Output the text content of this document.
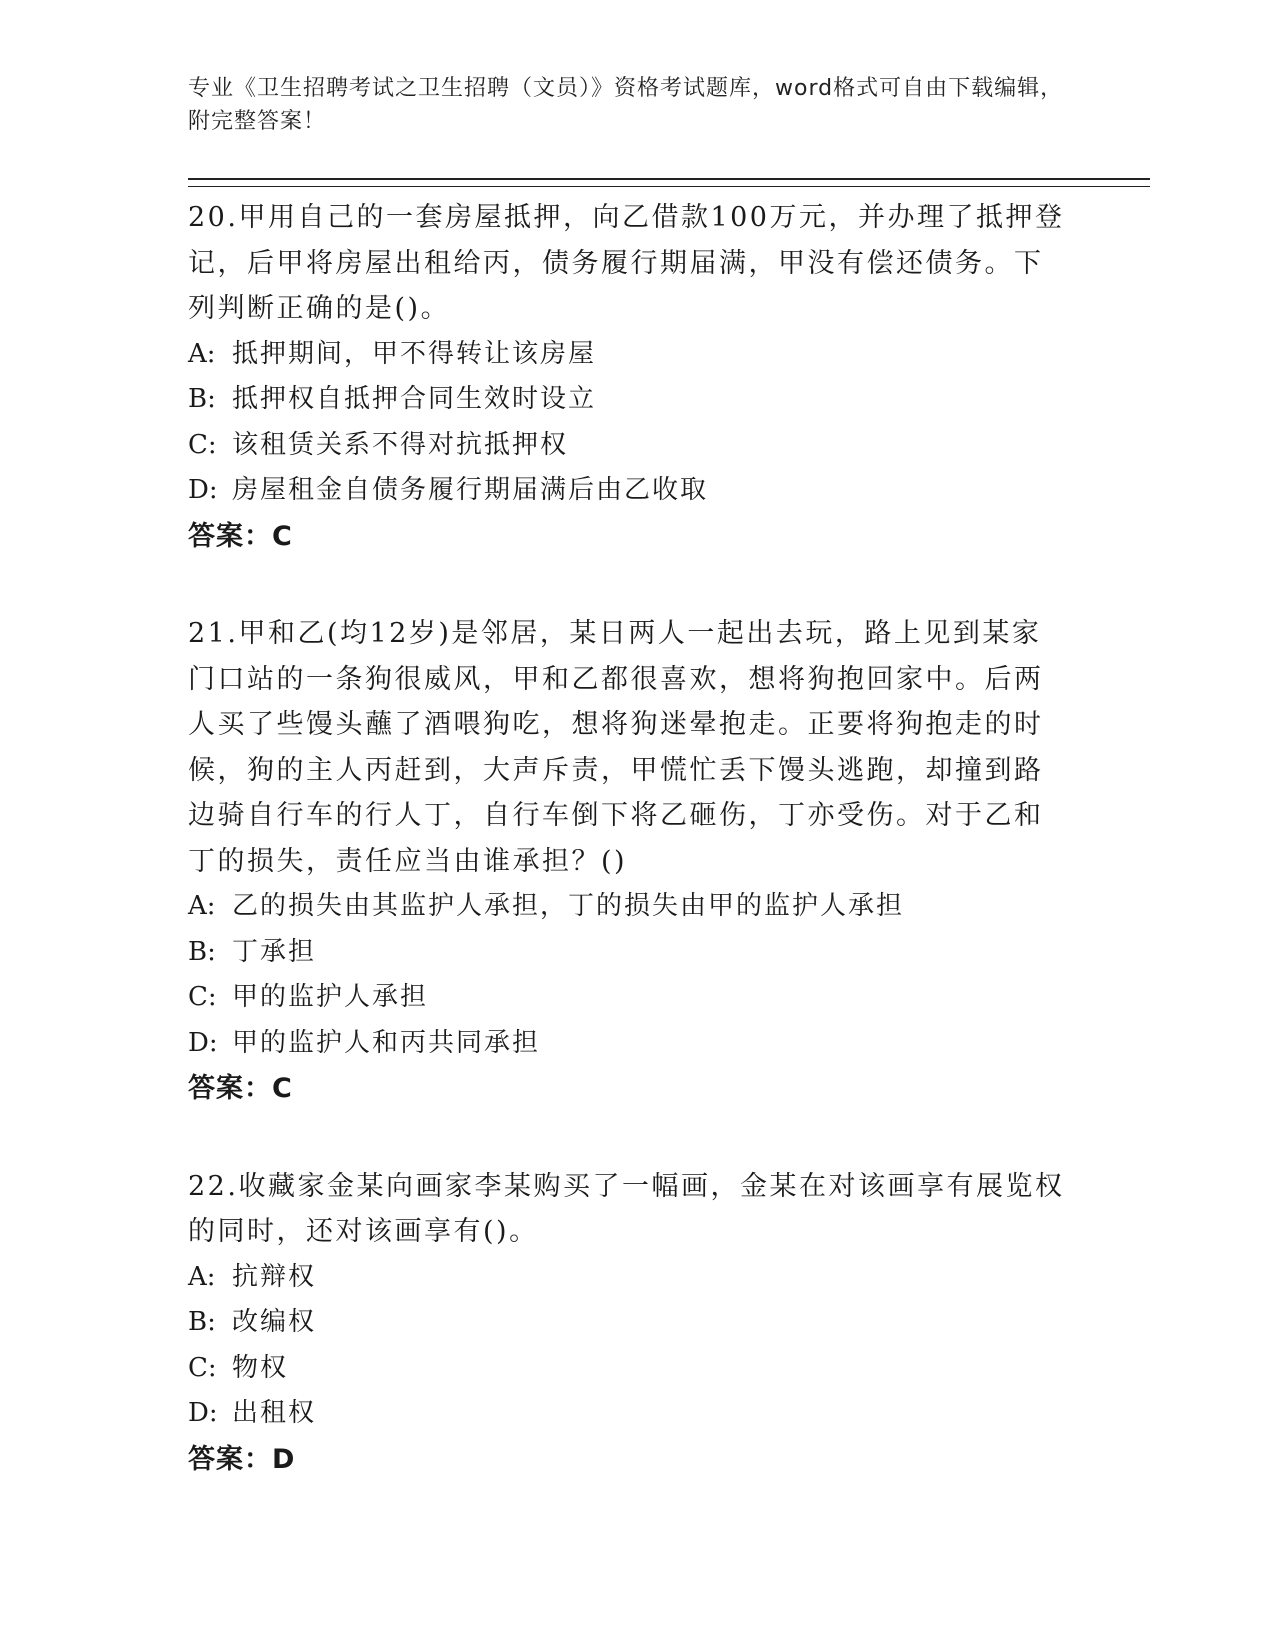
专业《卫生招聘考试之卫生招聘（文员）》资格考试题库，word格式可自由下载编辑，附完整答案！
20.甲用自己的一套房屋抵押，向乙借款100万元，并办理了抵押登记，后甲将房屋出租给丙，债务履行期届满，甲没有偿还债务。下列判断正确的是()。
A: 抵押期间，甲不得转让该房屋
B: 抵押权自抵押合同生效时设立
C: 该租赁关系不得对抗抵押权
D: 房屋租金自债务履行期届满后由乙收取
答案：C
21.甲和乙(均12岁)是邻居，某日两人一起出去玩，路上见到某家门口站的一条狗很威风，甲和乙都很喜欢，想将狗抱回家中。后两人买了些馒头蘸了酒喂狗吃，想将狗迷晕抱走。正要将狗抱走的时候，狗的主人丙赶到，大声斥责，甲慌忙丢下馒头逃跑，却撞到路边骑自行车的行人丁，自行车倒下将乙砸伤，丁亦受伤。对于乙和丁的损失，责任应当由谁承担？()
A: 乙的损失由其监护人承担，丁的损失由甲的监护人承担
B: 丁承担
C: 甲的监护人承担
D: 甲的监护人和丙共同承担
答案：C
22.收藏家金某向画家李某购买了一幅画，金某在对该画享有展览权的同时，还对该画享有()。
A: 抗辩权
B: 改编权
C: 物权
D: 出租权
答案：D
